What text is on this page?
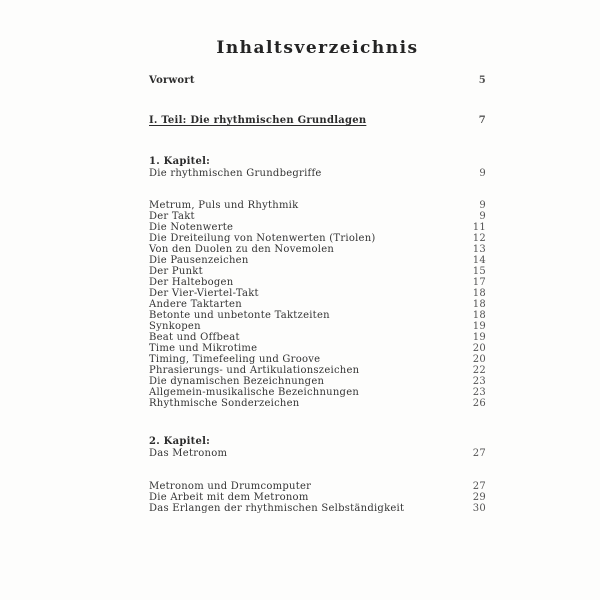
Inhaltsverzeichnis
Vorwort	5
I. Teil: Die rhythmischen Grundlagen	7
1. Kapitel:
Die rhythmischen Grundbegriffe	9
Metrum, Puls und Rhythmik	9
Der Takt	9
Die Notenwerte	11
Die Dreiteilung von Notenwerten (Triolen)	12
Von den Duolen zu den Novemolen	13
Die Pausenzeichen	14
Der Punkt	15
Der Haltebogen	17
Der Vier-Viertel-Takt	18
Andere Taktarten	18
Betonte und unbetonte Taktzeiten	18
Synkopen	19
Beat und Offbeat	19
Time und Mikrotime	20
Timing, Timefeeling und Groove	20
Phrasierungs- und Artikulationszeichen	22
Die dynamischen Bezeichnungen	23
Allgemein-musikalische Bezeichnungen	23
Rhythmische Sonderzeichen	26
2. Kapitel:
Das Metronom	27
Metronom und Drumcomputer	27
Die Arbeit mit dem Metronom	29
Das Erlangen der rhythmischen Selbständigkeit	30
